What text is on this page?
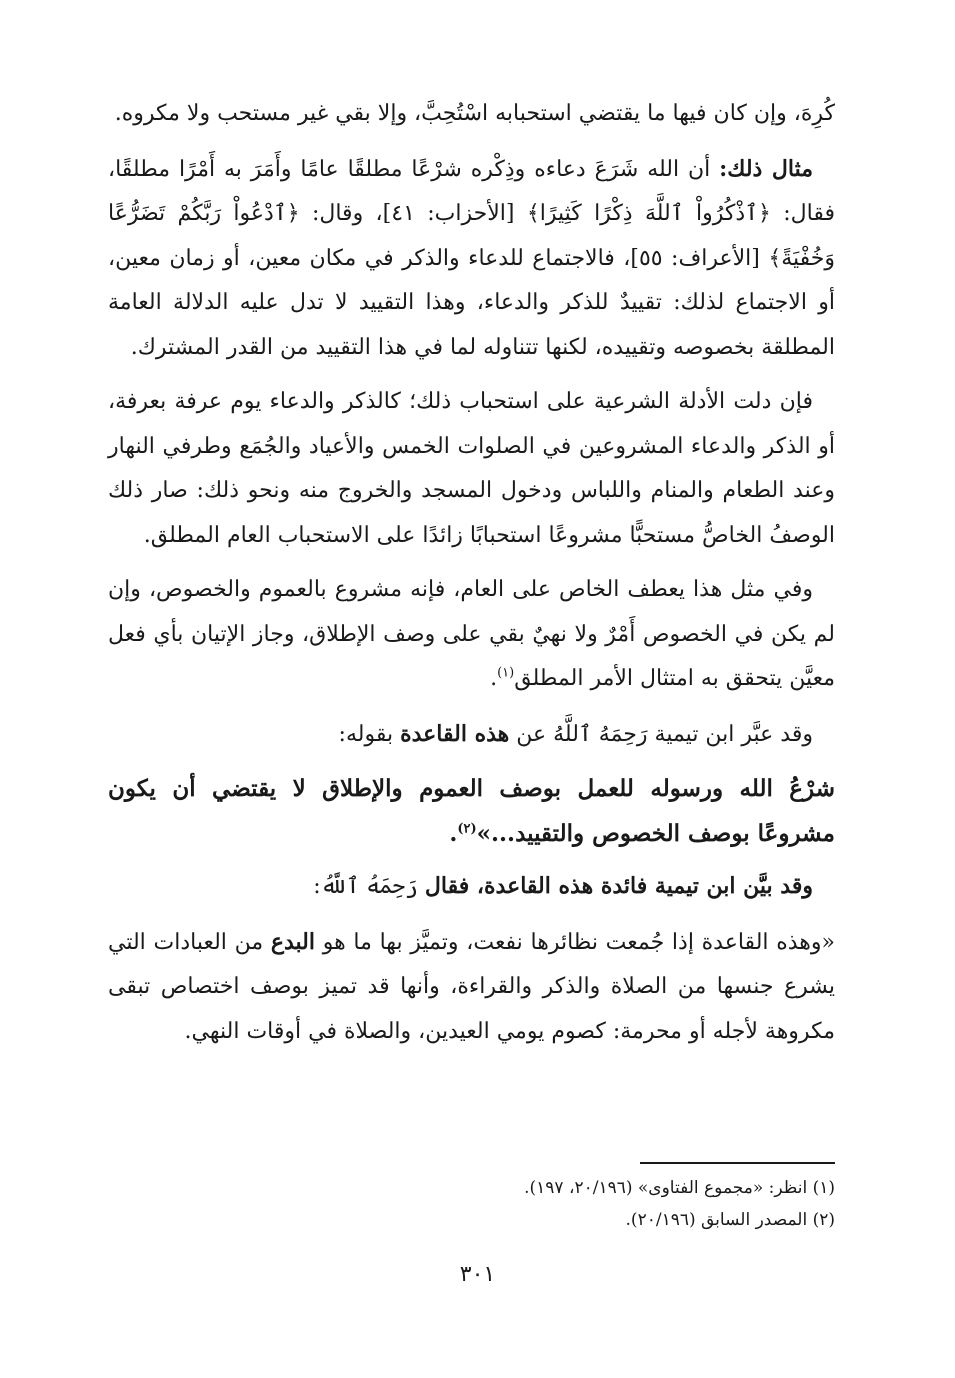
كُرِهَ، وإن كان فيها ما يقتضي استحبابه اسْتُحِبَّ، وإلا بقي غير مستحب ولا مكروه.

مثال ذلك: أن الله شَرَعَ دعاءه وذِكْره شرْعًا مطلقًا عامًا وأَمَرَ به أَمْرًا مطلقًا، فقال: ﴿ٱذْكُرُواْ ٱللَّهَ ذِكْرًا كَثِيرًا﴾ [الأحزاب: ٤١]، وقال: ﴿ٱدْعُواْ رَبَّكُمْ تَضَرُّعًا وَخُفْيَةً﴾ [الأعراف: ٥٥]، فالاجتماع للدعاء والذكر في مكان معين، أو زمان معين، أو الاجتماع لذلك: تقييدٌ للذكر والدعاء، وهذا التقييد لا تدل عليه الدلالة العامة المطلقة بخصوصه وتقييده، لكنها تتناوله لما في هذا التقييد من القدر المشترك.

فإن دلت الأدلة الشرعية على استحباب ذلك؛ كالذكر والدعاء يوم عرفة بعرفة، أو الذكر والدعاء المشروعين في الصلوات الخمس والأعياد والجُمَع وطرفي النهار وعند الطعام والمنام واللباس ودخول المسجد والخروج منه ونحو ذلك: صار ذلك الوصفُ الخاصُّ مستحبًّا مشروعًا استحبابًا زائدًا على الاستحباب العام المطلق.

وفي مثل هذا يعطف الخاص على العام، فإنه مشروع بالعموم والخصوص، وإن لم يكن في الخصوص أَمْرٌ ولا نهيٌ بقي على وصف الإطلاق، وجاز الإتيان بأي فعل معيَّن يتحقق به امتثال الأمر المطلق$^{(١)}$.

وقد عبَّر ابن تيمية رَحِمَهُ ٱللَّهُ عن هذه القاعدة بقوله:

شرْعُ الله ورسوله للعمل بوصف العموم والإطلاق لا يقتضي أن يكون مشروعًا بوصف الخصوص والتقييد...»$^{(٢)}$.

وقد بيَّن ابن تيمية فائدة هذه القاعدة، فقال رَحِمَهُ ٱللَّهُ:

«وهذه القاعدة إذا جُمعت نظائرها نفعت، وتميَّز بها ما هو البدع من العبادات التي يشرع جنسها من الصلاة والذكر والقراءة، وأنها قد تميز بوصف اختصاص تبقى مكروهة لأجله أو محرمة: كصوم يومي العيدين، والصلاة في أوقات النهي.

(١) انظر: «مجموع الفتاوى» (٢٠/١٩٦، ١٩٧).

(٢) المصدر السابق (٢٠/١٩٦).

٣٠١
